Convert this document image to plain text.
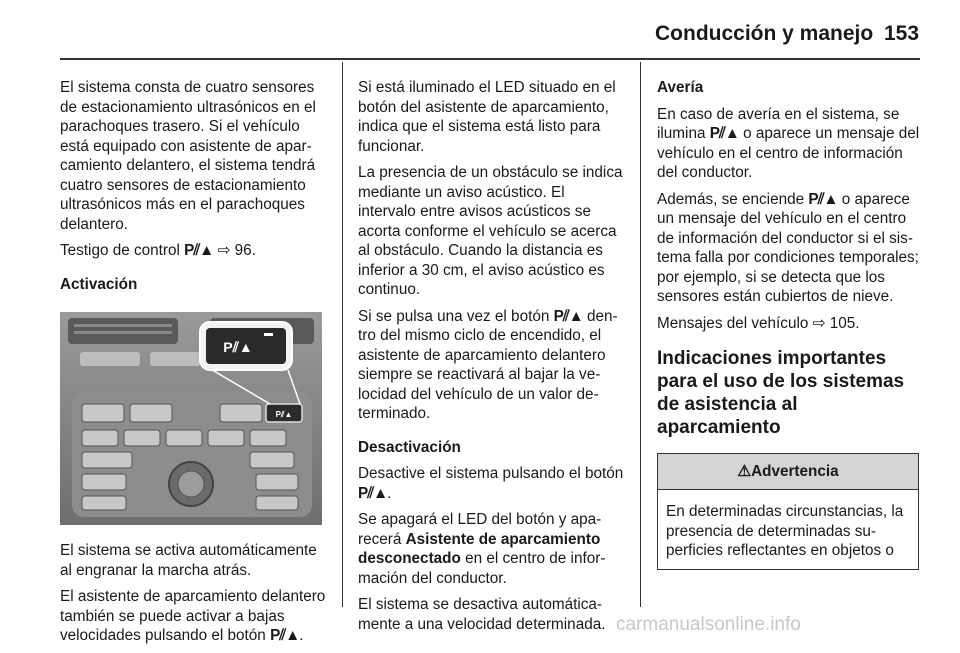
Conducción y manejo 153

El sistema consta de cuatro sensores de estacionamiento ultrasónicos en el parachoques trasero. Si el vehículo está equipado con asistente de aparcamiento delantero, el sistema tendrá cuatro sensores de estacionamiento ultrasónicos más en el parachoques delantero.

Testigo de control P⫽▲ ⇨ 96.

Activación

P⫽▲
P⫽▲

El sistema se activa automáticamente al engranar la marcha atrás.

El asistente de aparcamiento delantero también se puede activar a bajas velocidades pulsando el botón P⫽▲.

Si está iluminado el LED situado en el botón del asistente de aparcamiento, indica que el sistema está listo para funcionar.

La presencia de un obstáculo se indica mediante un aviso acústico. El intervalo entre avisos acústicos se acorta conforme el vehículo se acerca al obstáculo. Cuando la distancia es inferior a 30 cm, el aviso acústico es continuo.

Si se pulsa una vez el botón P⫽▲ dentro del mismo ciclo de encendido, el asistente de aparcamiento delantero siempre se reactivará al bajar la velocidad del vehículo de un valor determinado.

Desactivación

Desactive el sistema pulsando el botón P⫽▲.

Se apagará el LED del botón y aparecerá Asistente de aparcamiento desconectado en el centro de información del conductor.

El sistema se desactiva automáticamente a una velocidad determinada.

Avería

En caso de avería en el sistema, se ilumina P⫽▲ o aparece un mensaje del vehículo en el centro de información del conductor.

Además, se enciende P⫽▲ o aparece un mensaje del vehículo en el centro de información del conductor si el sistema falla por condiciones temporales; por ejemplo, si se detecta que los sensores están cubiertos de nieve.

Mensajes del vehículo ⇨ 105.

Indicaciones importantes para el uso de los sistemas de asistencia al aparcamiento
⚠Advertencia
En determinadas circunstancias, la presencia de determinadas superficies reflectantes en objetos o
carmanualsonline.info
